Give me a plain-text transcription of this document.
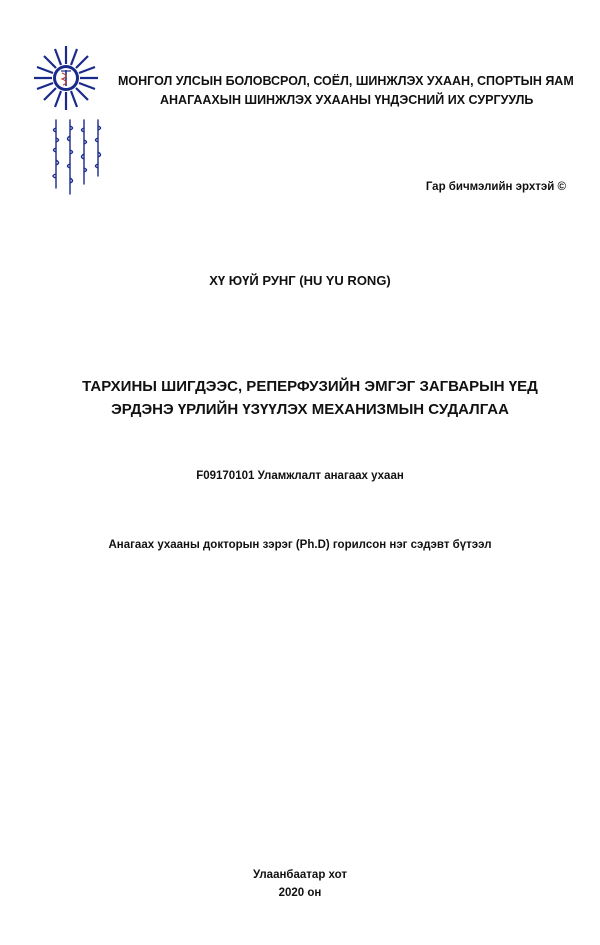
МОНГОЛ УЛСЫН БОЛОВСРОЛ, СОЁЛ, ШИНЖЛЭХ УХААН, СПОРТЫН ЯАМ
АНАГААХЫН ШИНЖЛЭХ УХААНЫ ҮНДЭСНИЙ ИХ СУРГУУЛЬ
Гар бичмэлийн эрхтэй ©
ХҮ ЮҮЙ РУНГ (HU YU RONG)
ТАРХИНЫ ШИГДЭЭС, РЕПЕРФУЗИЙН ЭМГЭГ ЗАГВАРЫН ҮЕД
ЭРДЭНЭ ҮРЛИЙН ҮЗҮҮЛЭХ МЕХАНИЗМЫН СУДАЛГАА
F09170101 Уламжлалт анагаах ухаан
Анагаах ухааны докторын зэрэг (Ph.D) горилсон нэг сэдэвт бүтээл
Улаанбаатар хот
2020 он
